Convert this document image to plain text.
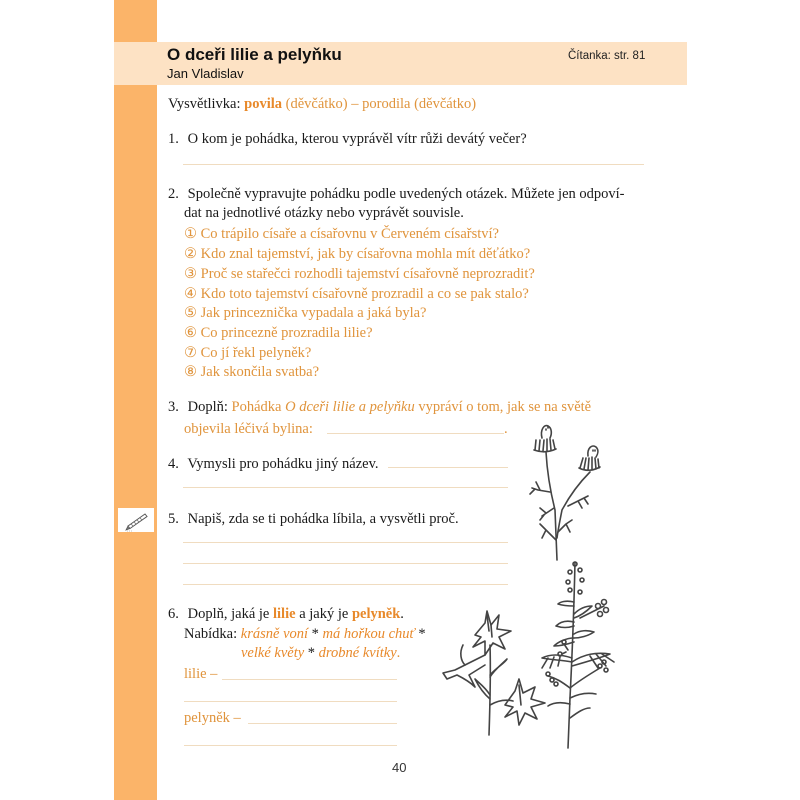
O dceři lilie a pelyňku
Jan Vladislav
Čítanka: str. 81
Vysvětlivka: povila (děvčátko) – porodila (děvčátko)
1. O kom je pohádka, kterou vyprávěl vítr růži devátý večer?
2. Společně vypravujte pohádku podle uvedených otázek. Můžete jen odpoví-
dat na jednotlivé otázky nebo vyprávět souvisle.
① Co trápilo císaře a císařovnu v Červeném císařství?
② Kdo znal tajemství, jak by císařovna mohla mít děťátko?
③ Proč se stařečci rozhodli tajemství císařovně neprozradit?
④ Kdo toto tajemství císařovně prozradil a co se pak stalo?
⑤ Jak princeznička vypadala a jaká byla?
⑥ Co princezně prozradila lilie?
⑦ Co jí řekl pelyněk?
⑧ Jak skončila svatba?
3. Doplň: Pohádka O dceři lilie a pelyňku vypráví o tom, jak se na světě
objevila léčivá bylina:	.
4. Vymysli pro pohádku jiný název.
5. Napiš, zda se ti pohádka líbila, a vysvětli proč.
6. Doplň, jaká je lilie a jaký je pelyněk.
Nabídka: krásně voní * má hořkou chuť *
velké květy * drobné kvítky.
lilie –
pelyněk –
40
